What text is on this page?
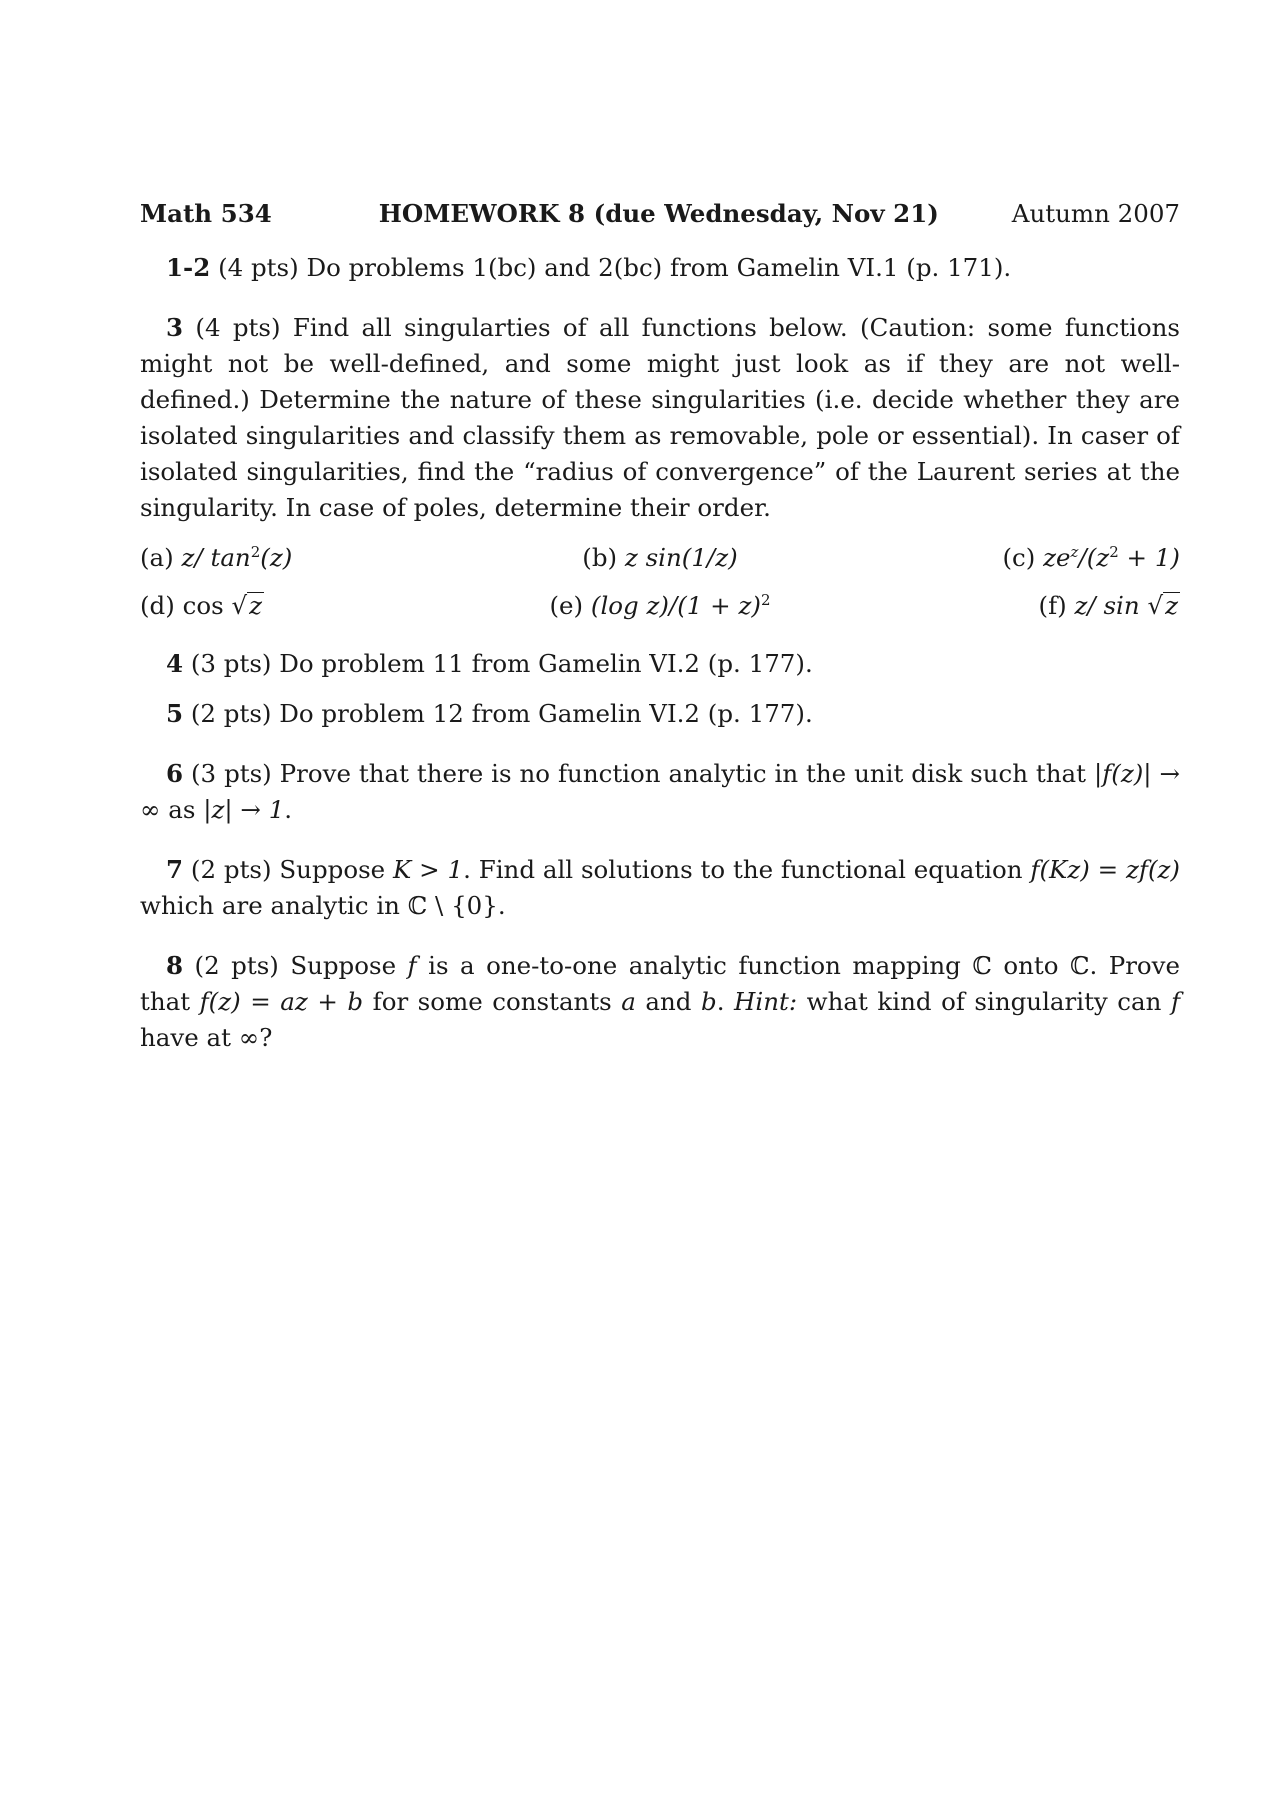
Math 534	HOMEWORK 8 (due Wednesday, Nov 21)	Autumn 2007

1-2 (4 pts) Do problems 1(bc) and 2(bc) from Gamelin VI.1 (p. 171).

3 (4 pts) Find all singularties of all functions below. (Caution: some functions might not be well-defined, and some might just look as if they are not well-defined.) Determine the nature of these singularities (i.e. decide whether they are isolated singularities and classify them as removable, pole or essential). In caser of isolated singularities, find the “radius of convergence” of the Laurent series at the singularity. In case of poles, determine their order.

(a) z/ $\tan^2(z)$	(b) z sin(1/z)	(c) $ze^z/(z^2 + 1)$
(d) cos √z	(e) (log $z)/(1 + z)^2$	(f) z/ sin √z

4 (3 pts) Do problem 11 from Gamelin VI.2 (p. 177).

5 (2 pts) Do problem 12 from Gamelin VI.2 (p. 177).

6 (3 pts) Prove that there is no function analytic in the unit disk such that |f(z)| → ∞ as |z| → 1.

7 (2 pts) Suppose K > 1. Find all solutions to the functional equation f(Kz) = zf(z) which are analytic in ℂ \ {0}.

8 (2 pts) Suppose f is a one-to-one analytic function mapping ℂ onto ℂ. Prove that f(z) = az + b for some constants a and b. Hint: what kind of singularity can f have at ∞?
